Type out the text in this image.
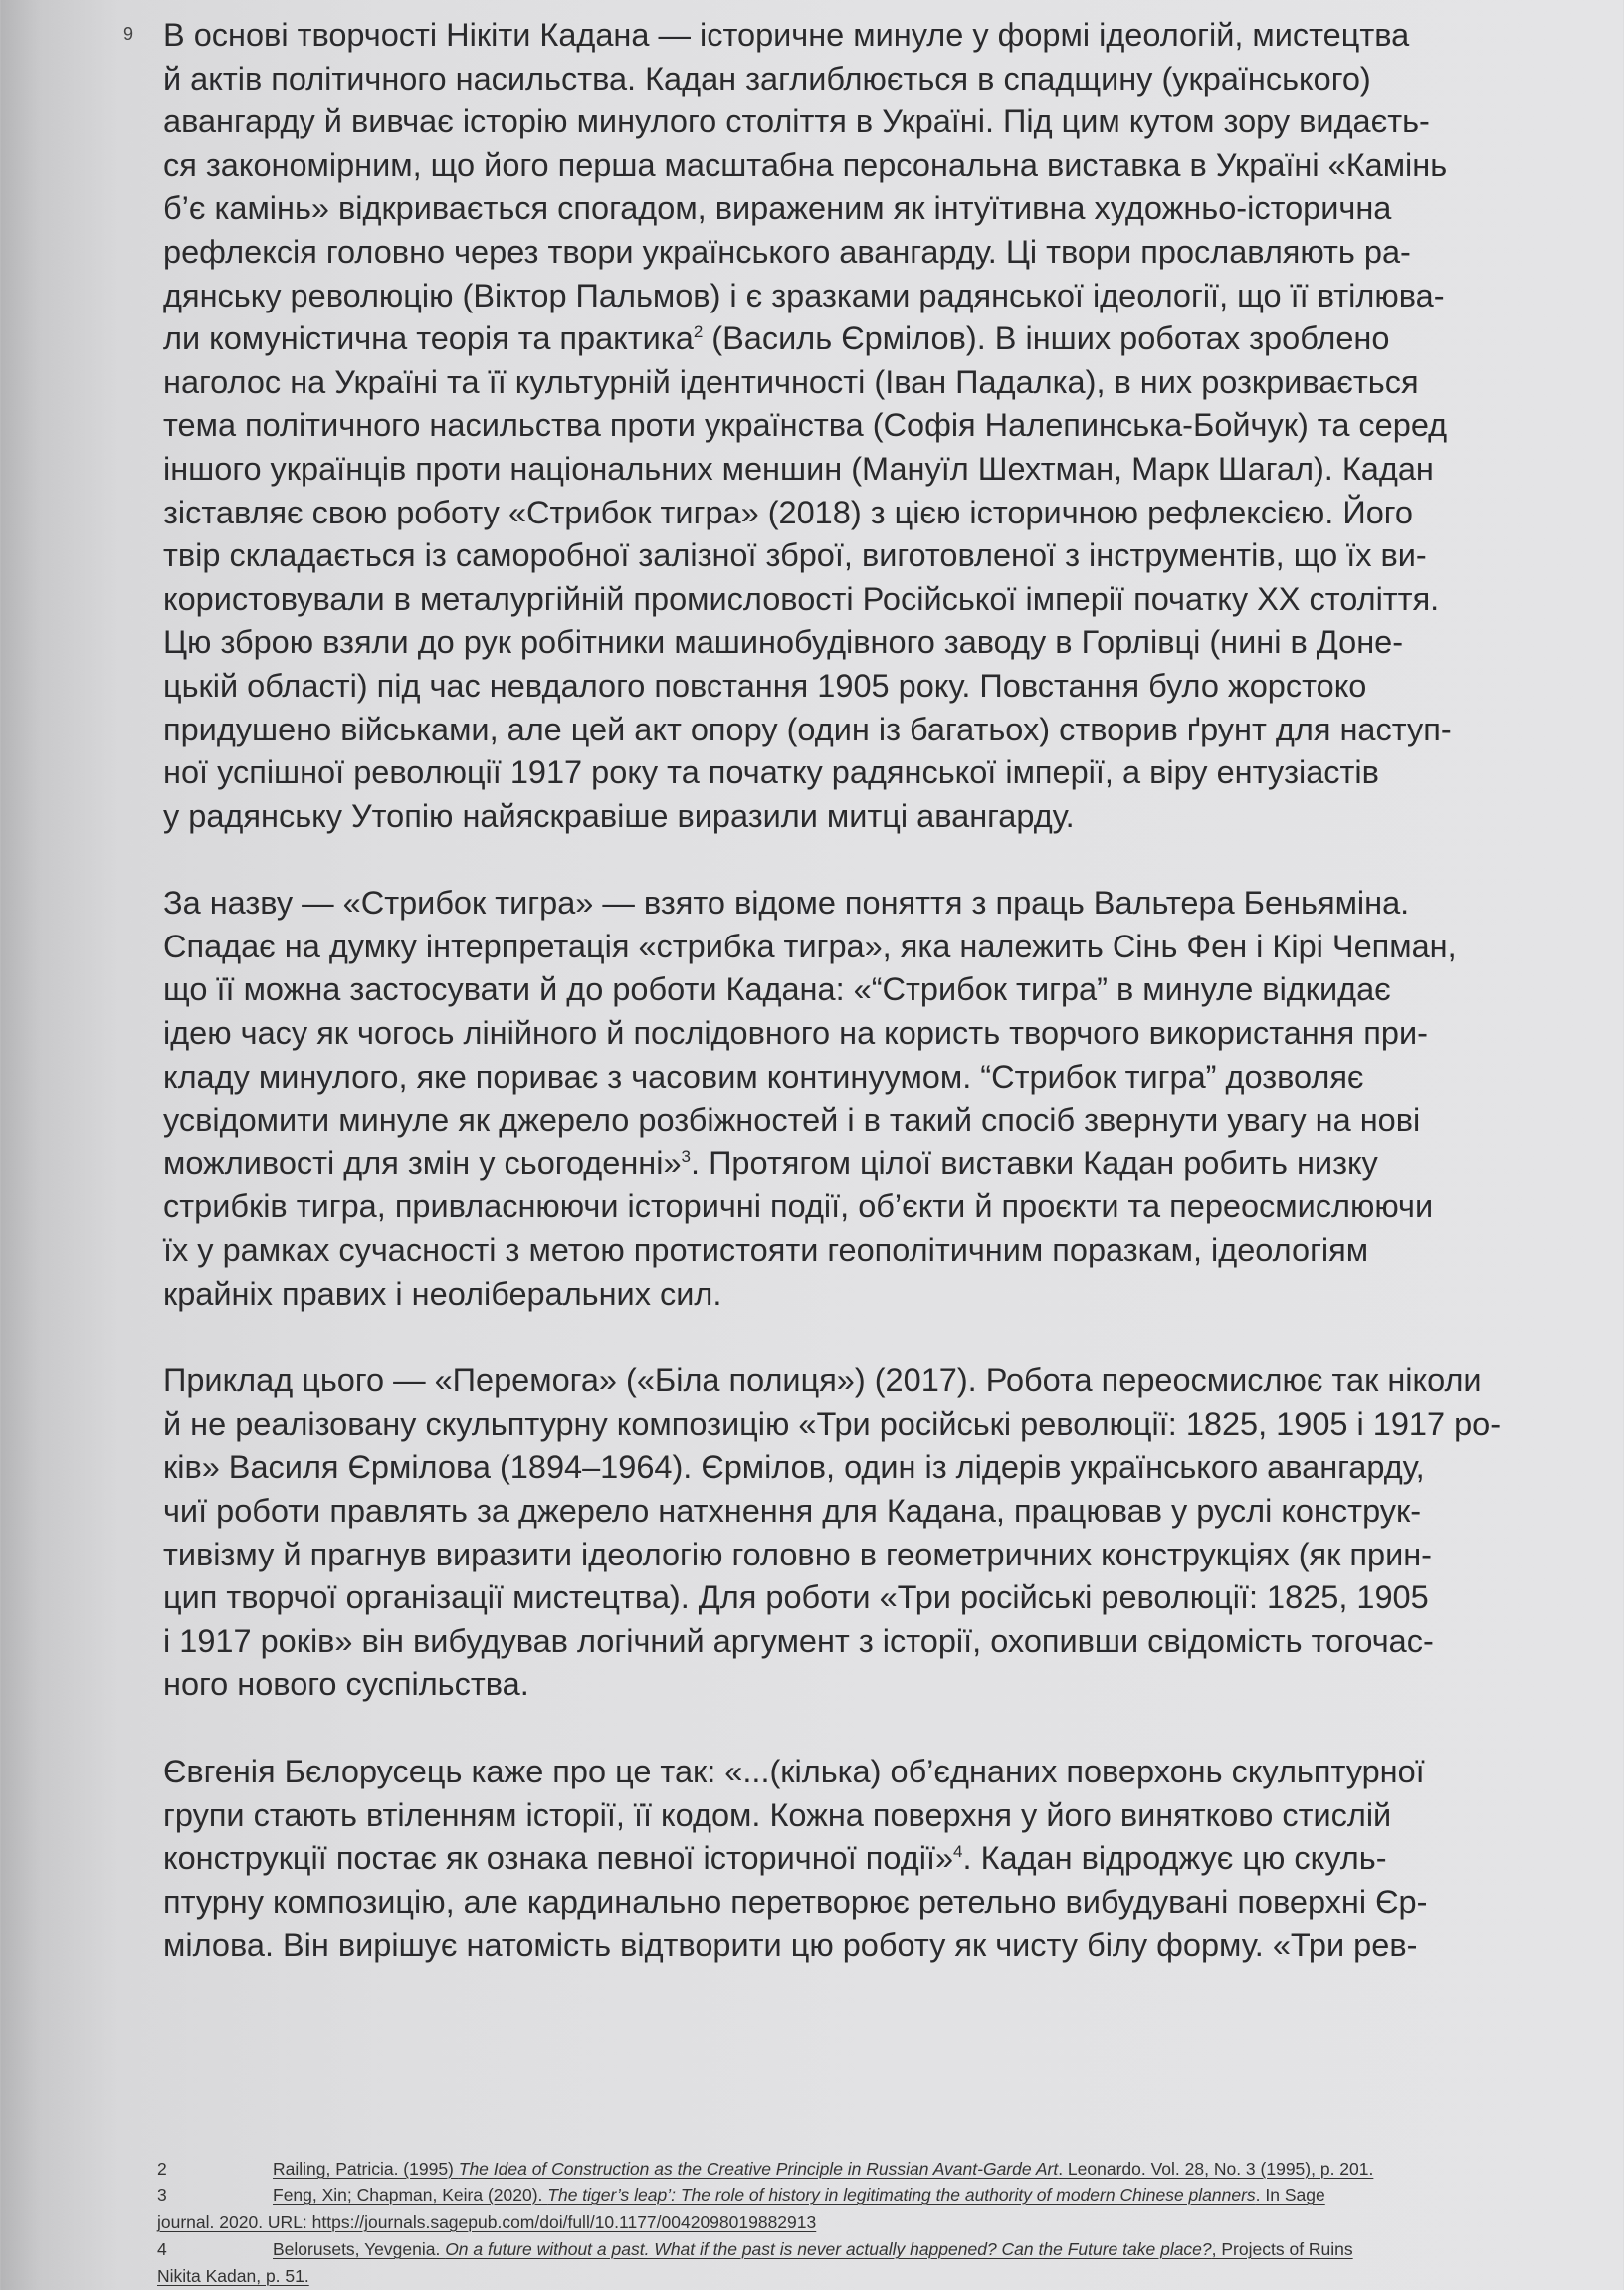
9 В основі творчості Нікіти Кадана — історичне минуле у формі ідеологій, мистецтва
й актів політичного насильства. Кадан заглиблюється в спадщину (українського)
авангарду й вивчає історію минулого століття в Україні. Під цим кутом зору видаєть-
ся закономірним, що його перша масштабна персональна виставка в Україні «Камінь
б’є камінь» відкривається спогадом, вираженим як інтуїтивна художньо-історична
рефлексія головно через твори українського авангарду. Ці твори прославляють ра-
дянську революцію (Віктор Пальмов) і є зразками радянської ідеології, що її втілюва-
ли комуністична теорія та практика$^2$ (Василь Єрмілов). В інших роботах зроблено
наголос на Україні та її культурній ідентичності (Іван Падалка), в них розкривається
тема політичного насильства проти українства (Софія Налепинська-Бойчук) та серед
іншого українців проти національних меншин (Мануїл Шехтман, Марк Шагал). Кадан
зіставляє свою роботу «Стрибок тигра» (2018) з цією історичною рефлексією. Його
твір складається із саморобної залізної зброї, виготовленої з інструментів, що їх ви-
користовували в металургійній промисловості Російської імперії початку XX століття.
Цю зброю взяли до рук робітники машинобудівного заводу в Горлівці (нині в Доне-
цькій області) під час невдалого повстання 1905 року. Повстання було жорстоко
придушено військами, але цей акт опору (один із багатьох) створив ґрунт для наступ-
ної успішної революції 1917 року та початку радянської імперії, а віру ентузіастів
у радянську Утопію найяскравіше виразили митці авангарду.

За назву — «Стрибок тигра» — взято відоме поняття з праць Вальтера Беньяміна.
Спадає на думку інтерпретація «стрибка тигра», яка належить Сінь Фен і Кірі Чепман,
що її можна застосувати й до роботи Кадана: «“Стрибок тигра” в минуле відкидає
ідею часу як чогось лінійного й послідовного на користь творчого використання при-
кладу минулого, яке пориває з часовим континуумом. “Стрибок тигра” дозволяє
усвідомити минуле як джерело розбіжностей і в такий спосіб звернути увагу на нові
можливості для змін у сьогоденні»$^3$. Протягом цілої виставки Кадан робить низку
стрибків тигра, привласнюючи історичні події, об’єкти й проєкти та переосмислюючи
їх у рамках сучасності з метою протистояти геополітичним поразкам, ідеологіям
крайніх правих і неоліберальних сил.

Приклад цього — «Перемога» («Біла полиця») (2017). Робота переосмислює так ніколи
й не реалізовану скульптурну композицію «Три російські революції: 1825, 1905 і 1917 ро-
ків» Василя Єрмілова (1894–1964). Єрмілов, один із лідерів українського авангарду,
чиї роботи правлять за джерело натхнення для Кадана, працював у руслі конструк-
тивізму й прагнув виразити ідеологію головно в геометричних конструкціях (як прин-
цип творчої організації мистецтва). Для роботи «Три російські революції: 1825, 1905
і 1917 років» він вибудував логічний аргумент з історії, охопивши свідомість тогочас-
ного нового суспільства.

Євгенія Бєлорусець каже про це так: «...(кілька) об’єднаних поверхонь скульптурної
групи стають втіленням історії, її кодом. Кожна поверхня у його винятково стислій
конструкції постає як ознака певної історичної події»$^4$. Кадан відроджує цю скуль-
птурну композицію, але кардинально перетворює ретельно вибудувані поверхні Єр-
мілова. Він вирішує натомість відтворити цю роботу як чисту білу форму. «Три рев-

2	Railing, Patricia. (1995) The Idea of Construction as the Creative Principle in Russian Avant-Garde Art. Leonardo. Vol. 28, No. 3 (1995), p. 201.
3	Feng, Xin; Chapman, Keira (2020). The tiger’s leap’: The role of history in legitimating the authority of modern Chinese planners. In Sage
journal. 2020. URL: https://journals.sagepub.com/doi/full/10.1177/0042098019882913
4	Belorusets, Yevgenia. On a future without a past. What if the past is never actually happened? Can the Future take place?, Projects of Ruins
Nikita Kadan, p. 51.
